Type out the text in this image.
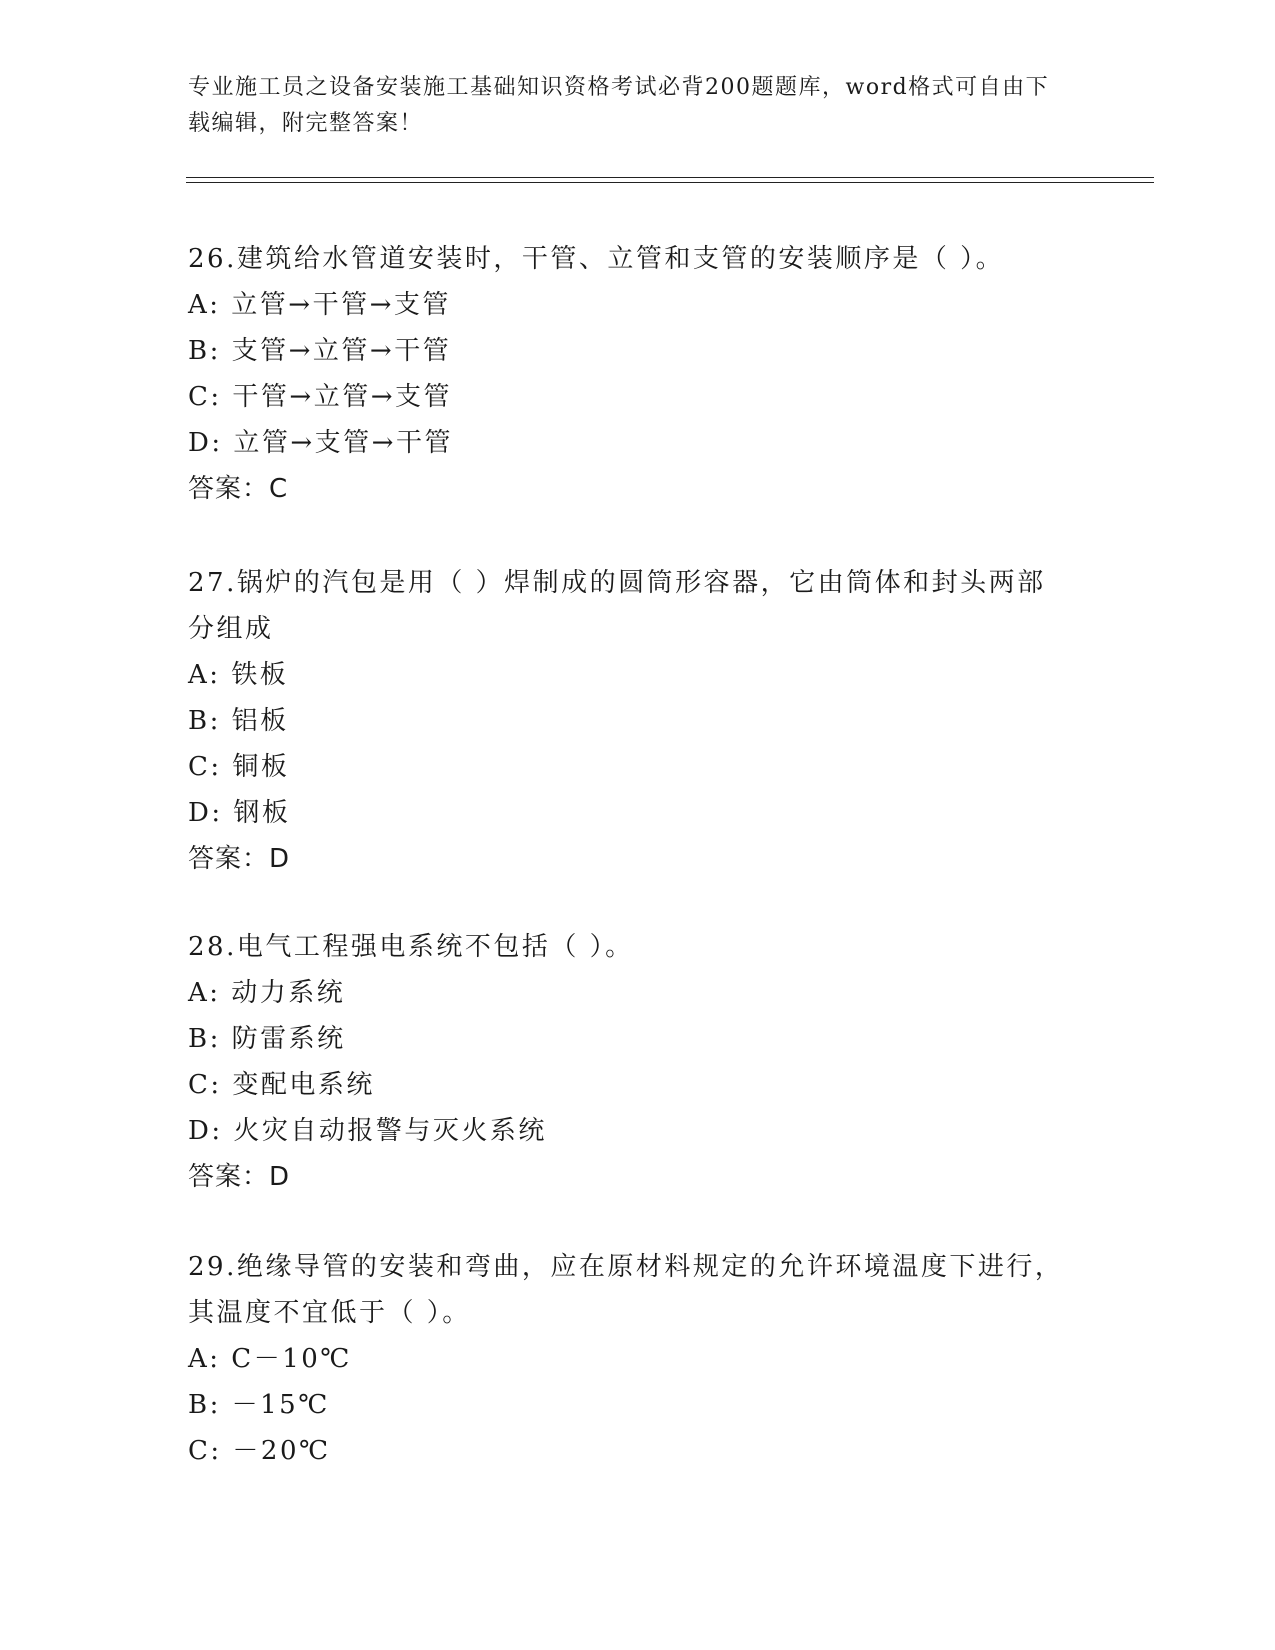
专业施工员之设备安装施工基础知识资格考试必背200题题库，word格式可自由下载编辑，附完整答案！
26.建筑给水管道安装时，干管、立管和支管的安装顺序是（ ）。
A: 立管→干管→支管
B: 支管→立管→干管
C: 干管→立管→支管
D: 立管→支管→干管
答案：C
27.锅炉的汽包是用（ ）焊制成的圆筒形容器，它由筒体和封头两部分组成
A: 铁板
B: 铝板
C: 铜板
D: 钢板
答案：D
28.电气工程强电系统不包括（ ）。
A: 动力系统
B: 防雷系统
C: 变配电系统
D: 火灾自动报警与灭火系统
答案：D
29.绝缘导管的安装和弯曲，应在原材料规定的允许环境温度下进行，其温度不宜低于（ ）。
A: C－10℃
B: －15℃
C: －20℃
